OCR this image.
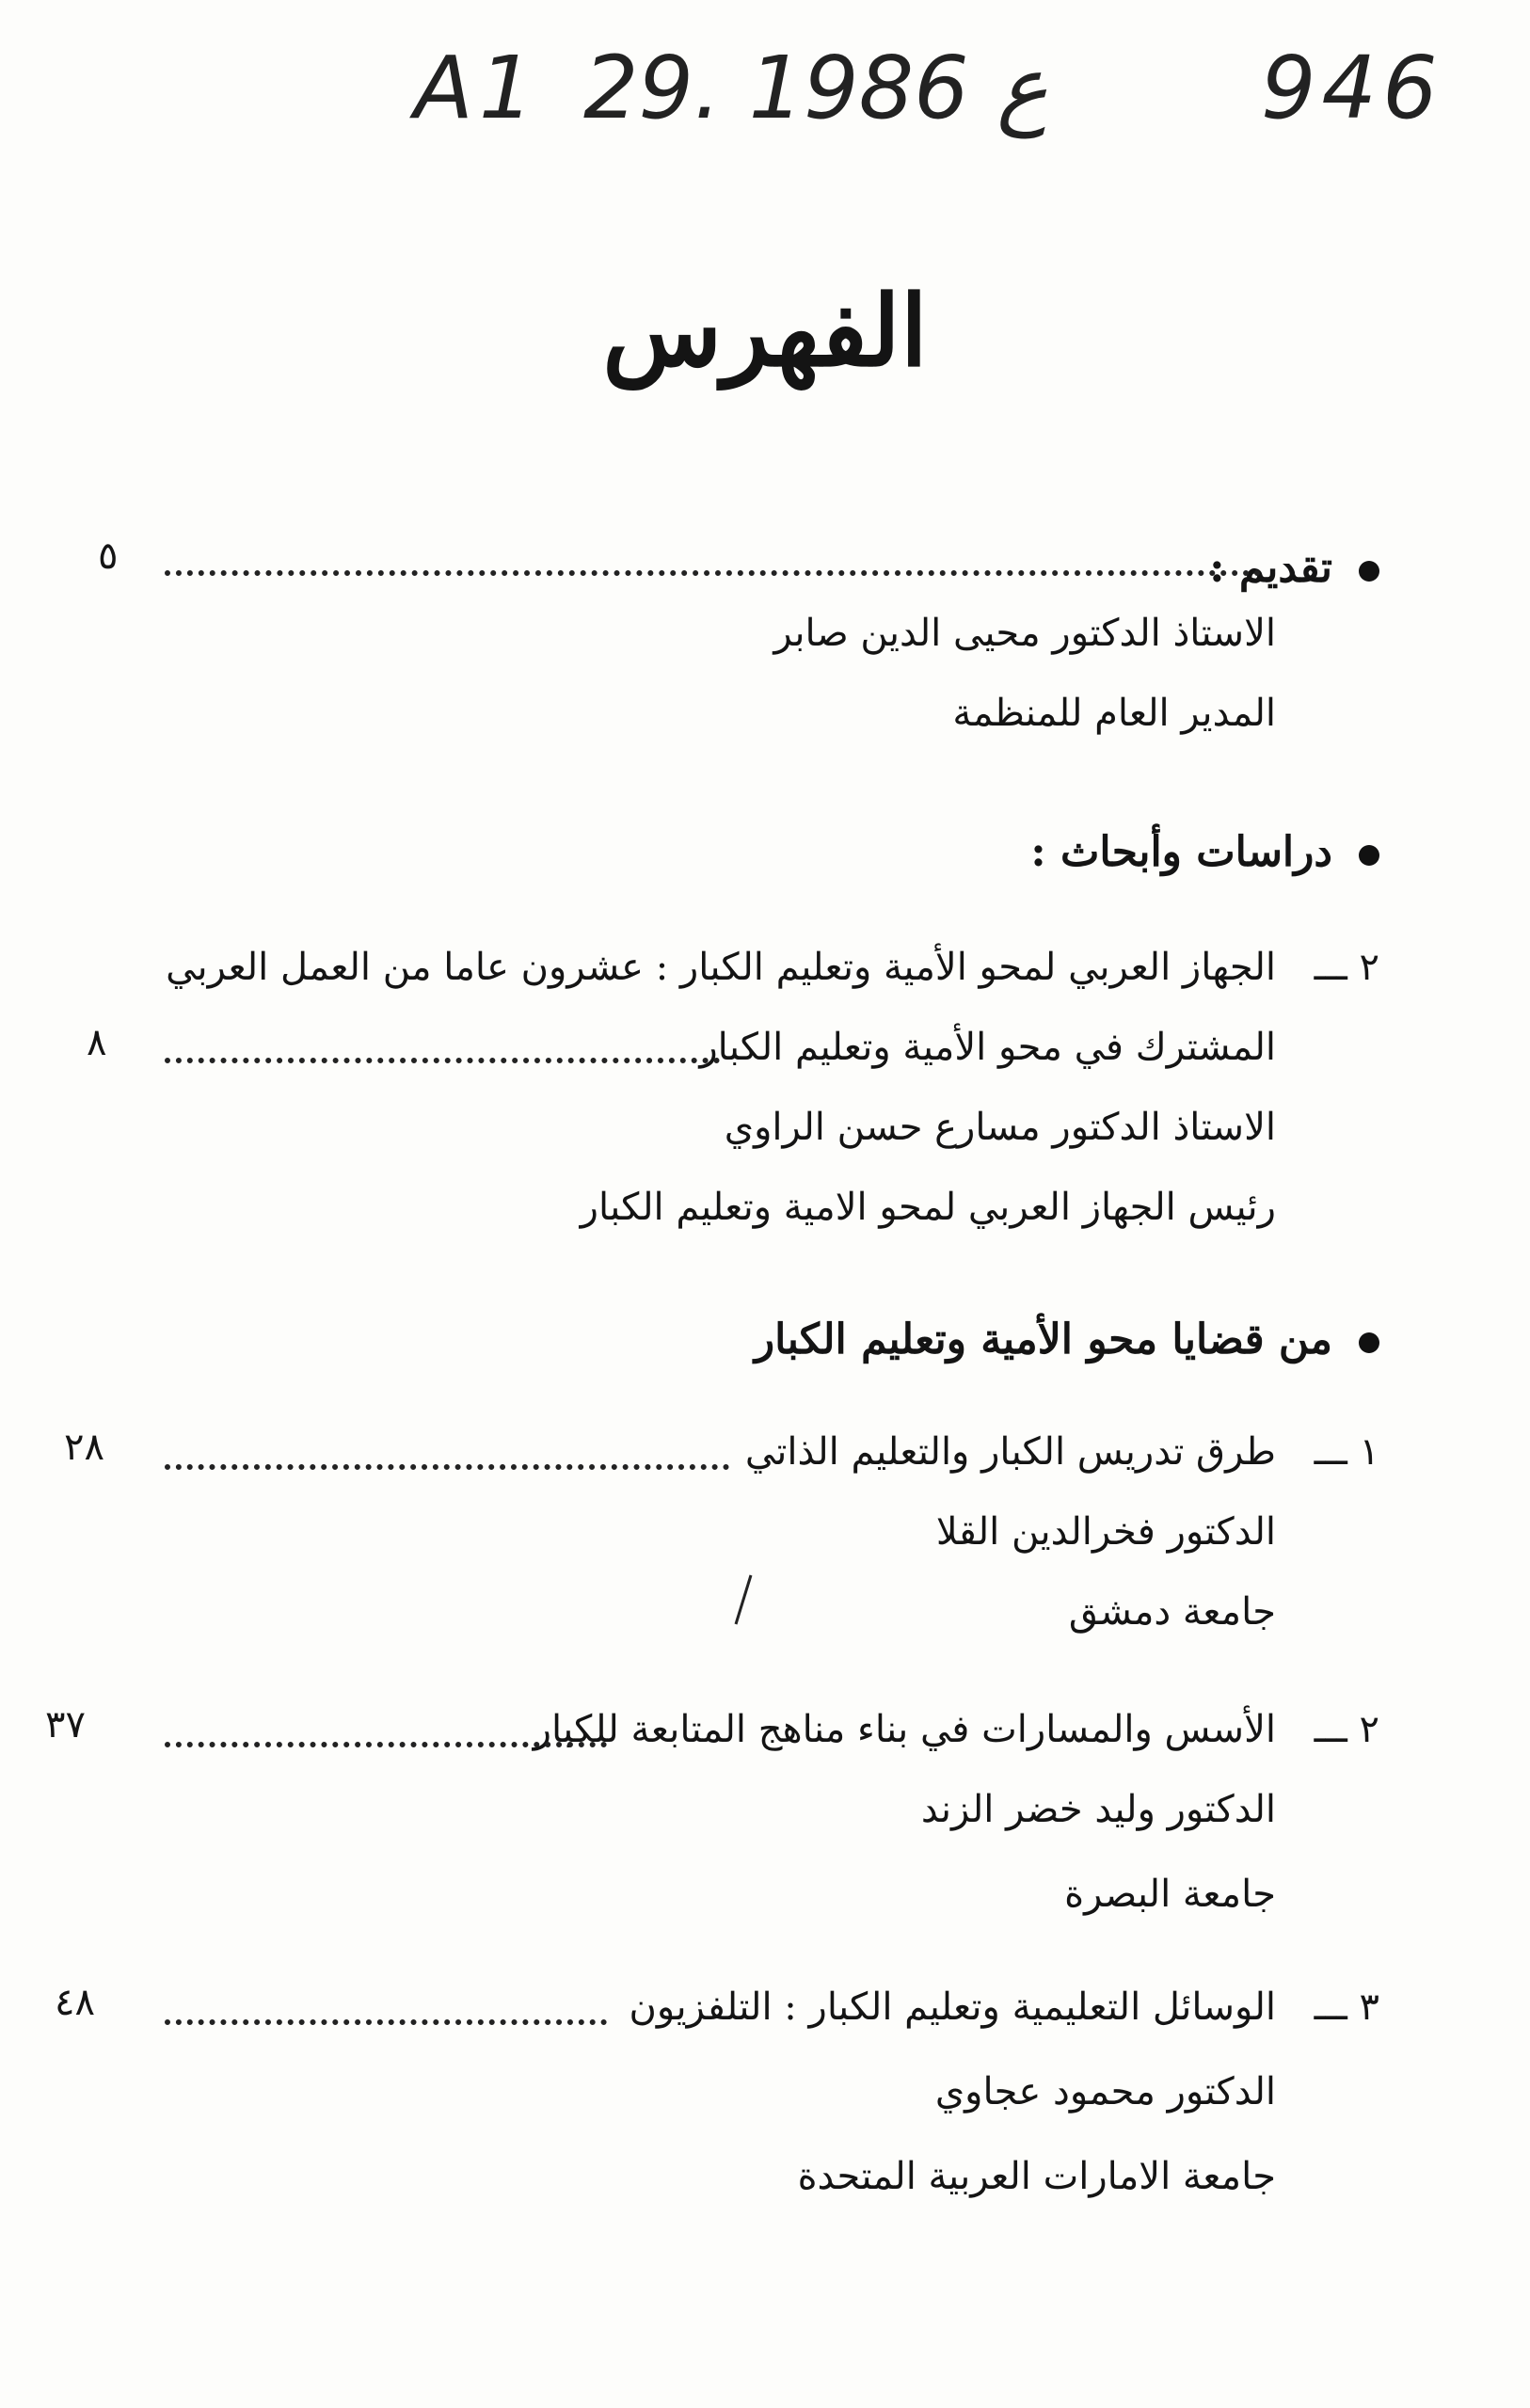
A1 29. ع 1986 946
الفهرس
تقديم :
٥
الاستاذ الدكتور محيى الدين صابر
المدير العام للمنظمة
دراسات وأبحاث :
٢ ـــالجهاز العربي لمحو الأمية وتعليم الكبار : عشرون عاما من العمل العربي
المشترك في محو الأمية وتعليم الكبار
٨
الاستاذ الدكتور مسارع حسن الراوي
رئيس الجهاز العربي لمحو الامية وتعليم الكبار
من قضايا محو الأمية وتعليم الكبار
١ ـــطرق تدريس الكبار والتعليم الذاتي
٢٨
الدكتور فخرالدين القلا
جامعة دمشق
٢ ـــالأسس والمسارات في بناء مناهج المتابعة للكبار
٣٧
الدكتور وليد خضر الزند
جامعة البصرة
٣ ـــالوسائل التعليمية وتعليم الكبار : التلفزيون
٤٨
الدكتور محمود عجاوي
جامعة الامارات العربية المتحدة
